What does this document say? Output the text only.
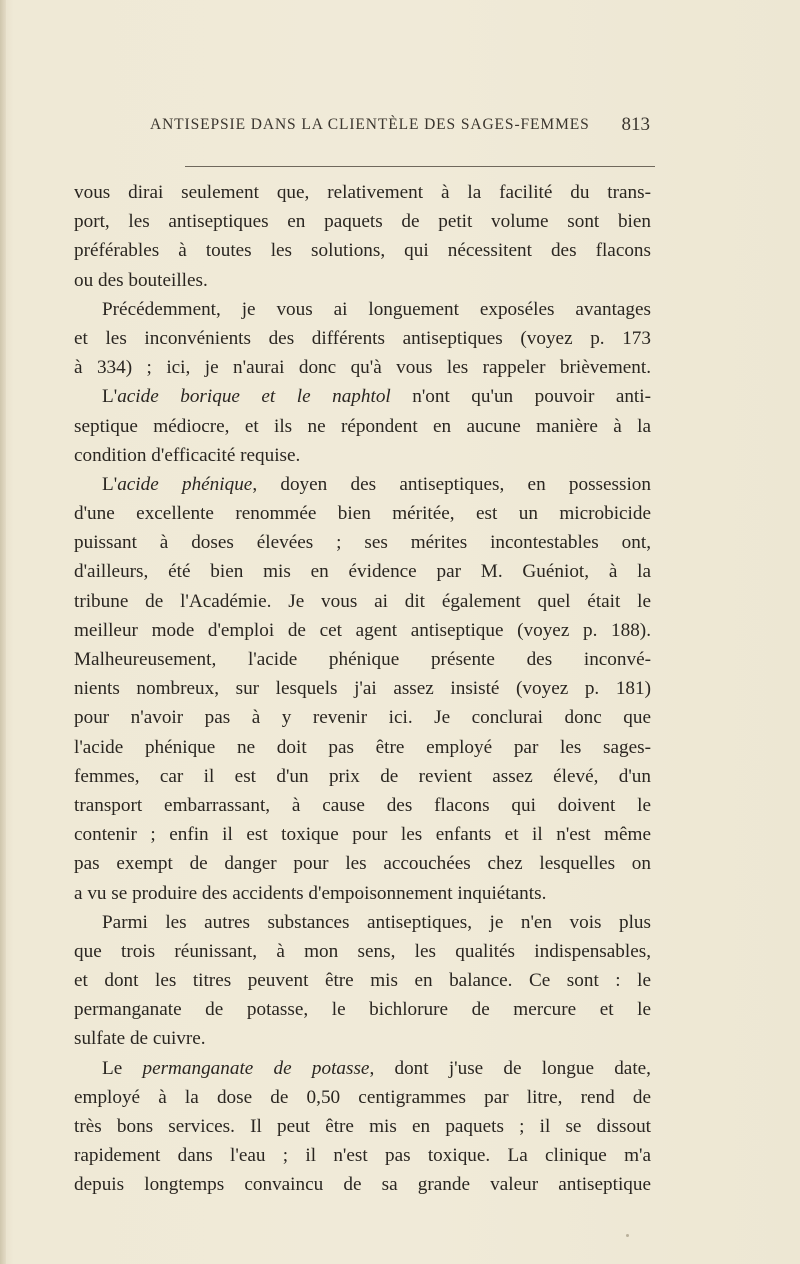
ANTISEPSIE DANS LA CLIENTÈLE DES SAGES-FEMMES 813
vous dirai seulement que, relativement à la facilité du trans-
port, les antiseptiques en paquets de petit volume sont bien
préférables à toutes les solutions, qui nécessitent des flacons
ou des bouteilles.
Précédemment, je vous ai longuement exposéles avantages
et les inconvénients des différents antiseptiques (voyez p. 173
à 334) ; ici, je n'aurai donc qu'à vous les rappeler brièvement.
L'acide borique et le naphtol n'ont qu'un pouvoir anti-
septique médiocre, et ils ne répondent en aucune manière à la
condition d'efficacité requise.
L'acide phénique, doyen des antiseptiques, en possession
d'une excellente renommée bien méritée, est un microbicide
puissant à doses élevées ; ses mérites incontestables ont,
d'ailleurs, été bien mis en évidence par M. Guéniot, à la
tribune de l'Académie. Je vous ai dit également quel était le
meilleur mode d'emploi de cet agent antiseptique (voyez p. 188).
Malheureusement, l'acide phénique présente des inconvé-
nients nombreux, sur lesquels j'ai assez insisté (voyez p. 181)
pour n'avoir pas à y revenir ici. Je conclurai donc que
l'acide phénique ne doit pas être employé par les sages-
femmes, car il est d'un prix de revient assez élevé, d'un
transport embarrassant, à cause des flacons qui doivent le
contenir ; enfin il est toxique pour les enfants et il n'est même
pas exempt de danger pour les accouchées chez lesquelles on
a vu se produire des accidents d'empoisonnement inquiétants.
Parmi les autres substances antiseptiques, je n'en vois plus
que trois réunissant, à mon sens, les qualités indispensables,
et dont les titres peuvent être mis en balance. Ce sont : le
permanganate de potasse, le bichlorure de mercure et le
sulfate de cuivre.
Le permanganate de potasse, dont j'use de longue date,
employé à la dose de 0,50 centigrammes par litre, rend de
très bons services. Il peut être mis en paquets ; il se dissout
rapidement dans l'eau ; il n'est pas toxique. La clinique m'a
depuis longtemps convaincu de sa grande valeur antiseptique
